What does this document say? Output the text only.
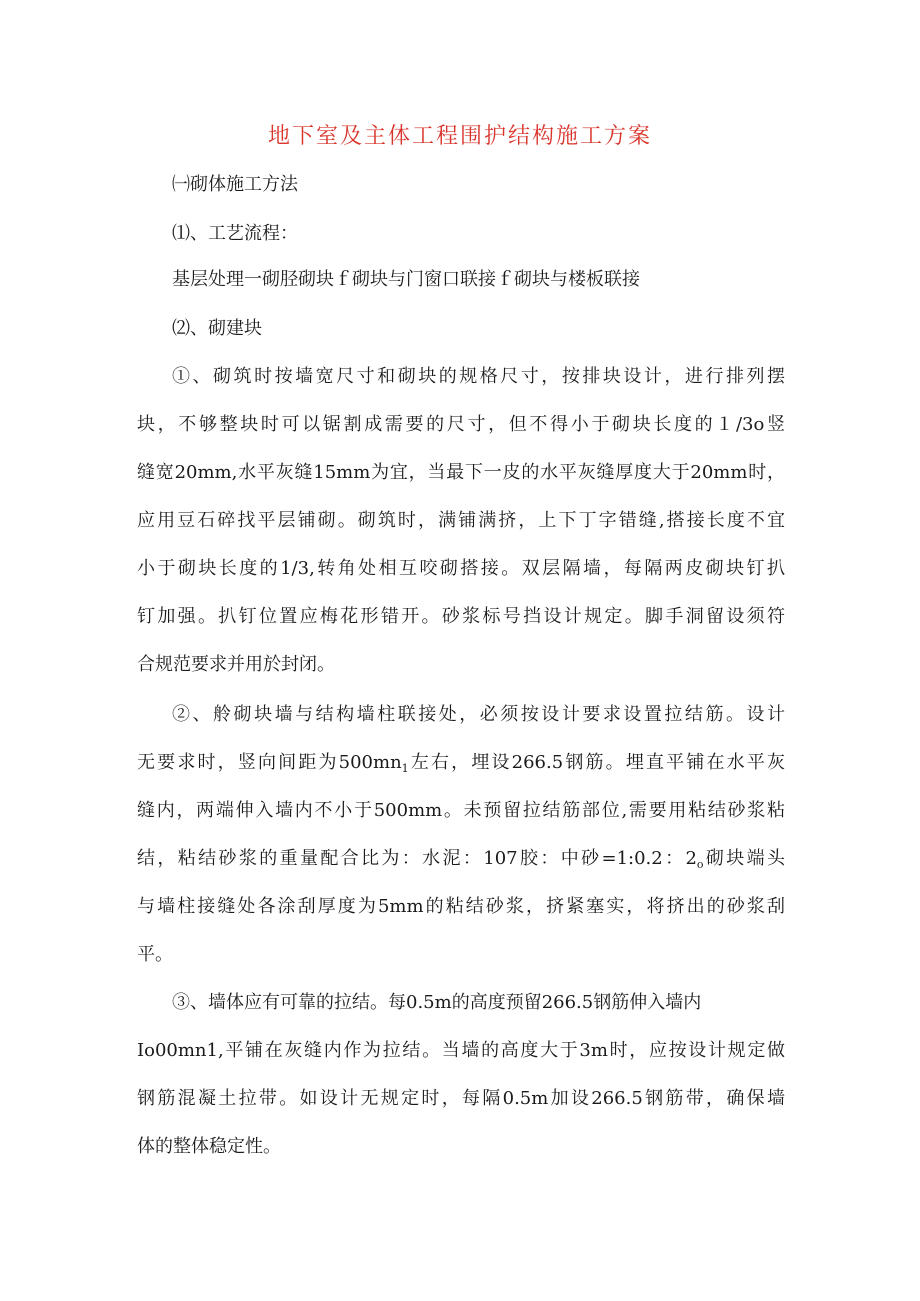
地下室及主体工程围护结构施工方案
㈠砌体施工方法
⑴、工艺流程：
基层处理一砌胫砌块ｆ砌块与门窗口联接ｆ砌块与楼板联接
⑵、砌建块
①、砌筑时按墙宽尺寸和砌块的规格尺寸，按排块设计，进行排列摆
块，不够整块时可以锯割成需要的尺寸，但不得小于砌块长度的１/3o竖
缝宽20mm,水平灰缝15mm为宜，当最下一皮的水平灰缝厚度大于20mm时，
应用豆石碎找平层铺砌。砌筑时，满铺满挤，上下丁字错缝,搭接长度不宜
小于砌块长度的1/3,转角处相互咬砌搭接。双层隔墙，每隔两皮砌块钉扒
钉加强。扒钉位置应梅花形错开。砂浆标号挡设计规定。脚手洞留设须符
合规范要求并用於封闭。
②、舲砌块墙与结构墙柱联接处，必须按设计要求设置拉结筋。设计
无要求时，竖向间距为$500mn_1$左右，埋设266.5钢筋。埋直平铺在水平灰
缝内，两端伸入墙内不小于500mm。未预留拉结筋部位,需要用粘结砂浆粘
结，粘结砂浆的重量配合比为：水泥：107胶：中砂=1:0.2：$2_o$砌块端头
与墙柱接缝处各涂刮厚度为5mm的粘结砂浆，挤紧塞实，将挤出的砂浆刮
平。
③、墙体应有可靠的拉结。每0.5m的高度预留266.5钢筋伸入墙内
Io00mn1,平铺在灰缝内作为拉结。当墙的高度大于3m时，应按设计规定做
钢筋混凝土拉带。如设计无规定时，每隔0.5m加设266.5钢筋带，确保墙
体的整体稳定性。
